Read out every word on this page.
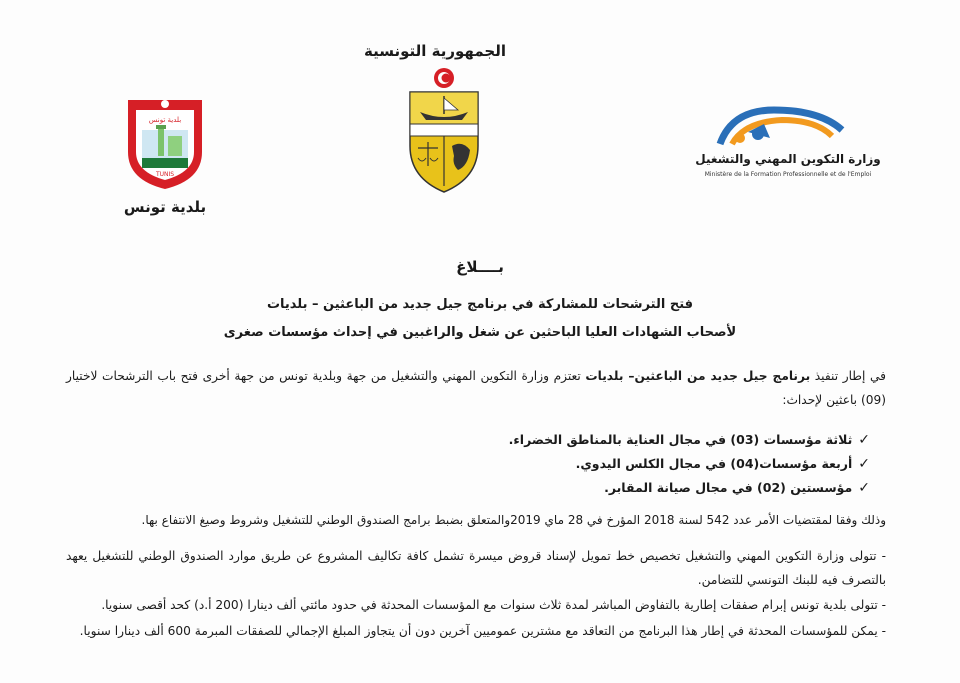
بلدية تونس
TUNIS
بلدية تونس
الجمهورية التونسية
وزارة التكوين المهني والتشغيل
Ministère de la Formation Professionnelle et de l'Emploi
بــــلاغ
فتح الترشحات للمشاركة في برنامج جيل جديد من الباعثين – بلديات
لأصحاب الشهادات العليا الباحثين عن شغل والراغبين في إحداث مؤسسات صغرى
في إطار تنفيذ برنامج جيل جديد من الباعثين– بلديات تعتزم وزارة التكوين المهني والتشغيل من جهة وبلدية تونس من جهة أخرى فتح باب الترشحات لاختيار (09) باعثين لإحداث:
✓
ثلاثة مؤسسات (03) في مجال العناية بالمناطق الخضراء.
✓
أربعة مؤسسات(04) في مجال الكلس اليدوي.
✓
مؤسستين (02) في مجال صيانة المقابر.
وذلك وفقا لمقتضيات الأمر عدد 542 لسنة 2018 المؤرخ في 28 ماي 2019والمتعلق بضبط برامج الصندوق الوطني للتشغيل وشروط وصيغ الانتفاع بها.
- تتولى وزارة التكوين المهني والتشغيل تخصيص خط تمويل لإسناد قروض ميسرة تشمل كافة تكاليف المشروع عن طريق موارد الصندوق الوطني للتشغيل يعهد بالتصرف فيه للبنك التونسي للتضامن.
- تتولى بلدية تونس إبرام صفقات إطارية بالتفاوض المباشر لمدة ثلاث سنوات مع المؤسسات المحدثة في حدود مائتي ألف دينارا (200 أ.د) كحد أقصى سنويا.
- يمكن للمؤسسات المحدثة في إطار هذا البرنامج من التعاقد مع مشترين عموميين آخرين دون أن يتجاوز المبلغ الإجمالي للصفقات المبرمة 600 ألف دينارا سنويا.
